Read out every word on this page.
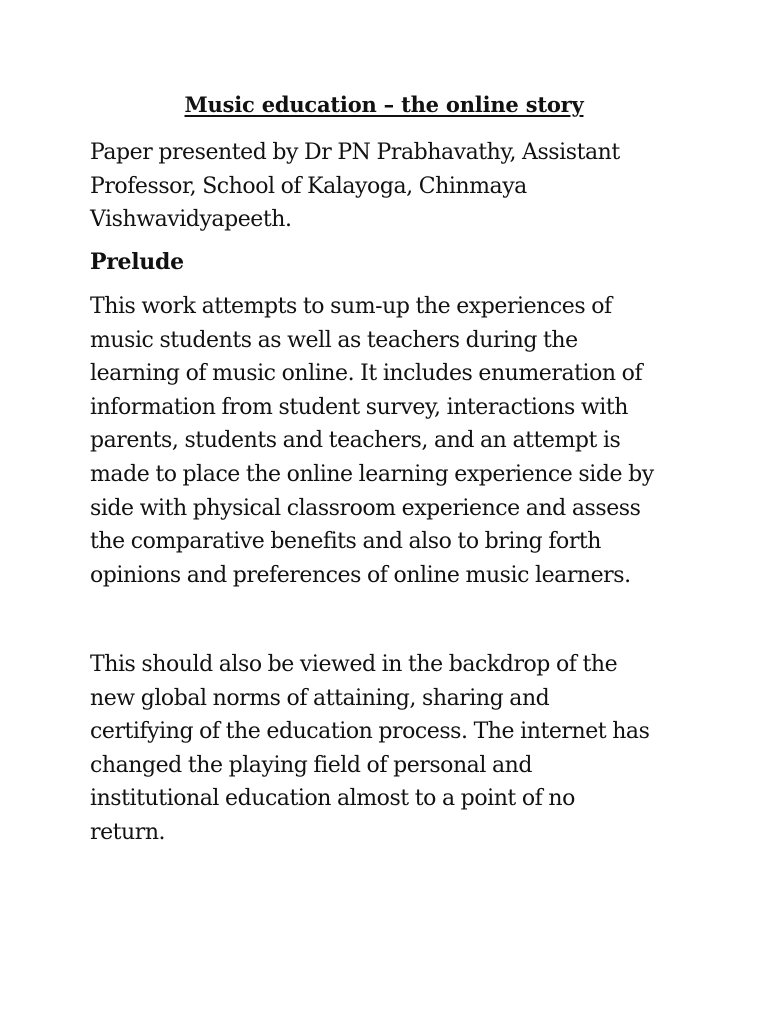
Music education – the online story
Paper presented by Dr PN Prabhavathy, Assistant
Professor, School of Kalayoga, Chinmaya
Vishwavidyapeeth.
Prelude
This work attempts to sum-up the experiences of
music students as well as teachers during the
learning of music online. It includes enumeration of
information from student survey, interactions with
parents, students and teachers, and an attempt is
made to place the online learning experience side by
side with physical classroom experience and assess
the comparative benefits and also to bring forth
opinions and preferences of online music learners.
This should also be viewed in the backdrop of the
new global norms of attaining, sharing and
certifying of the education process. The internet has
changed the playing field of personal and
institutional education almost to a point of no
return.
